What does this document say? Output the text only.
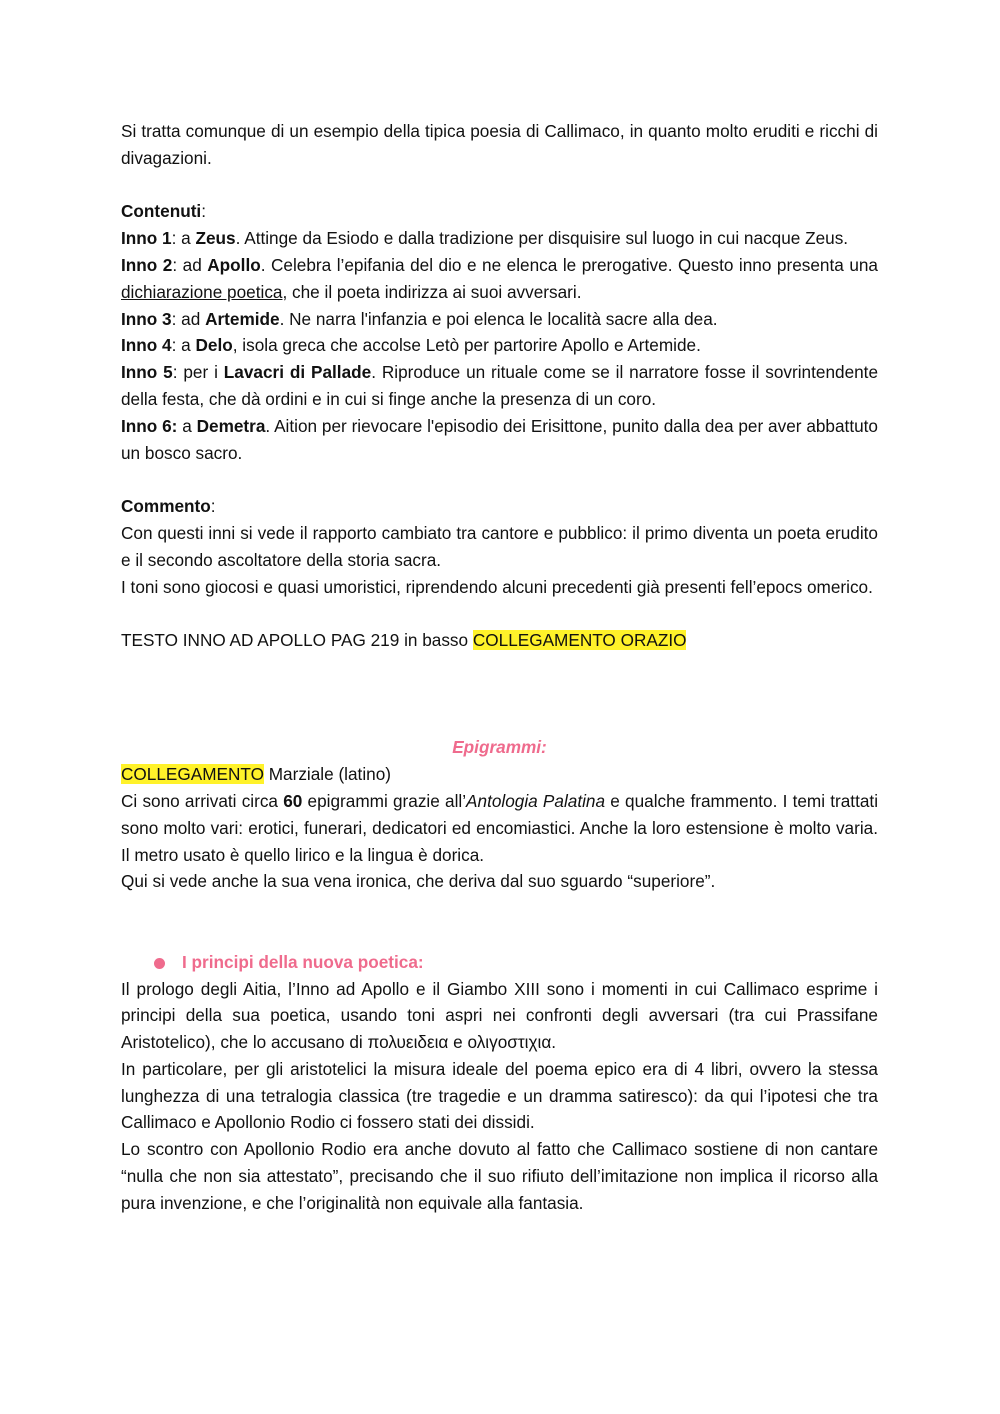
Si tratta comunque di un esempio della tipica poesia di Callimaco, in quanto molto eruditi e ricchi di divagazioni.

Contenuti:

Inno 1: a Zeus. Attinge da Esiodo e dalla tradizione per disquisire sul luogo in cui nacque Zeus.

Inno 2: ad Apollo. Celebra l’epifania del dio e ne elenca le prerogative. Questo inno presenta una dichiarazione poetica, che il poeta indirizza ai suoi avversari.

Inno 3: ad Artemide. Ne narra l'infanzia e poi elenca le località sacre alla dea.

Inno 4: a Delo, isola greca che accolse Letò per partorire Apollo e Artemide.

Inno 5: per i Lavacri di Pallade. Riproduce un rituale come se il narratore fosse il sovrintendente della festa, che dà ordini e in cui si finge anche la presenza di un coro.

Inno 6: a Demetra. Aition per rievocare l'episodio dei Erisittone, punito dalla dea per aver abbattuto un bosco sacro.

Commento:

Con questi inni si vede il rapporto cambiato tra cantore e pubblico: il primo diventa un poeta erudito e il secondo ascoltatore della storia sacra.

I toni sono giocosi e quasi umoristici, riprendendo alcuni precedenti già presenti fell’epocs omerico.

TESTO INNO AD APOLLO PAG 219 in basso COLLEGAMENTO ORAZIO

Epigrammi:

COLLEGAMENTO Marziale (latino)

Ci sono arrivati circa 60 epigrammi grazie all’Antologia Palatina e qualche frammento. I temi trattati sono molto vari: erotici, funerari, dedicatori ed encomiastici. Anche la loro estensione è molto varia. Il metro usato è quello lirico e la lingua è dorica.

Qui si vede anche la sua vena ironica, che deriva dal suo sguardo “superiore”.

I principi della nuova poetica:

Il prologo degli Aitia, l’Inno ad Apollo e il Giambo XIII sono i momenti in cui Callimaco esprime i principi della sua poetica, usando toni aspri nei confronti degli avversari (tra cui Prassifane Aristotelico), che lo accusano di πολυειδεια e ολιγοστιχια.

In particolare, per gli aristotelici la misura ideale del poema epico era di 4 libri, ovvero la stessa lunghezza di una tetralogia classica (tre tragedie e un dramma satiresco): da qui l’ipotesi che tra Callimaco e Apollonio Rodio ci fossero stati dei dissidi.

Lo scontro con Apollonio Rodio era anche dovuto al fatto che Callimaco sostiene di non cantare “nulla che non sia attestato”, precisando che il suo rifiuto dell’imitazione non implica il ricorso alla pura invenzione, e che l’originalità non equivale alla fantasia.
